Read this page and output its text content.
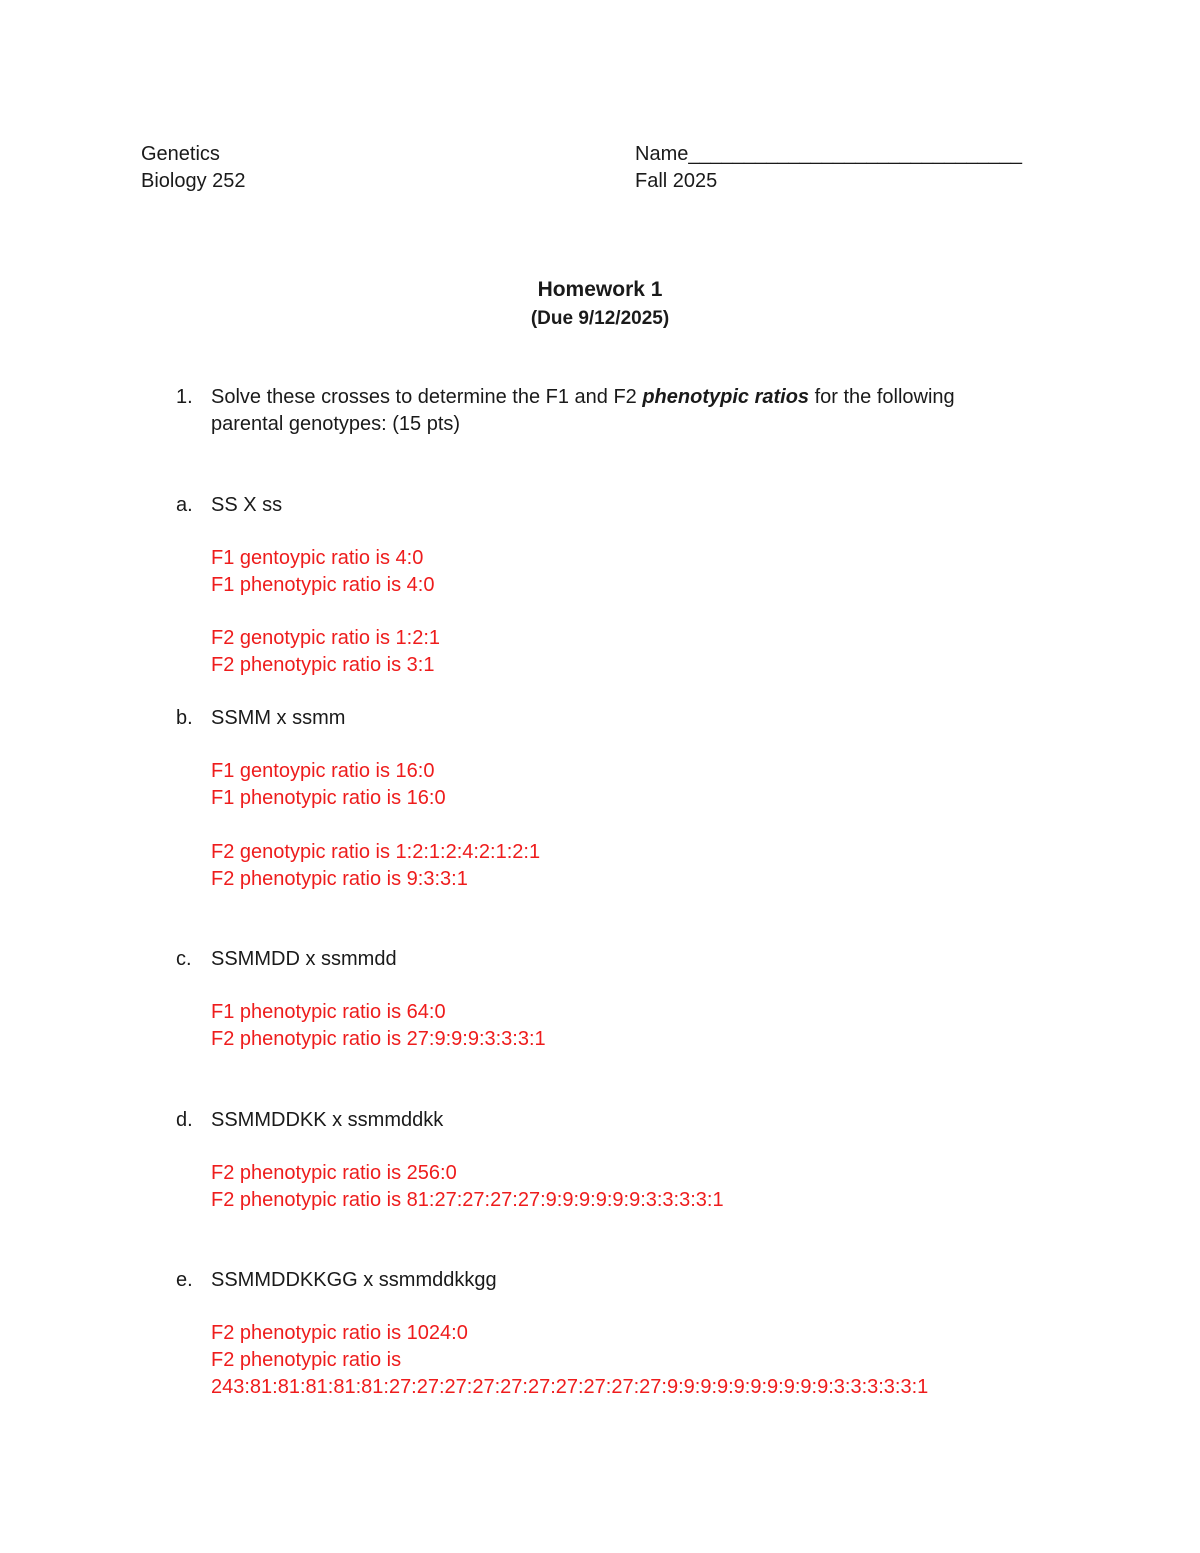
Genetics
Biology 252
Name______________________________
Fall 2025
Homework 1
(Due 9/12/2025)
1. Solve these crosses to determine the F1 and F2 phenotypic ratios for the following
parental genotypes: (15 pts)
a. SS X ss
F1 gentoypic ratio is 4:0
F1 phenotypic ratio is 4:0
F2 genotypic ratio is 1:2:1
F2 phenotypic ratio is 3:1
b. SSMM x ssmm
F1 gentoypic ratio is 16:0
F1 phenotypic ratio is 16:0
F2 genotypic ratio is 1:2:1:2:4:2:1:2:1
F2 phenotypic ratio is 9:3:3:1
c. SSMMDD x ssmmdd
F1 phenotypic ratio is 64:0
F2 phenotypic ratio is 27:9:9:9:3:3:3:1
d. SSMMDDKK x ssmmddkk
F2 phenotypic ratio is 256:0
F2 phenotypic ratio is 81:27:27:27:27:9:9:9:9:9:9:3:3:3:3:1
e. SSMMDDKKGG x ssmmddkkgg
F2 phenotypic ratio is 1024:0
F2 phenotypic ratio is
243:81:81:81:81:81:27:27:27:27:27:27:27:27:27:27:9:9:9:9:9:9:9:9:9:9:3:3:3:3:3:1
